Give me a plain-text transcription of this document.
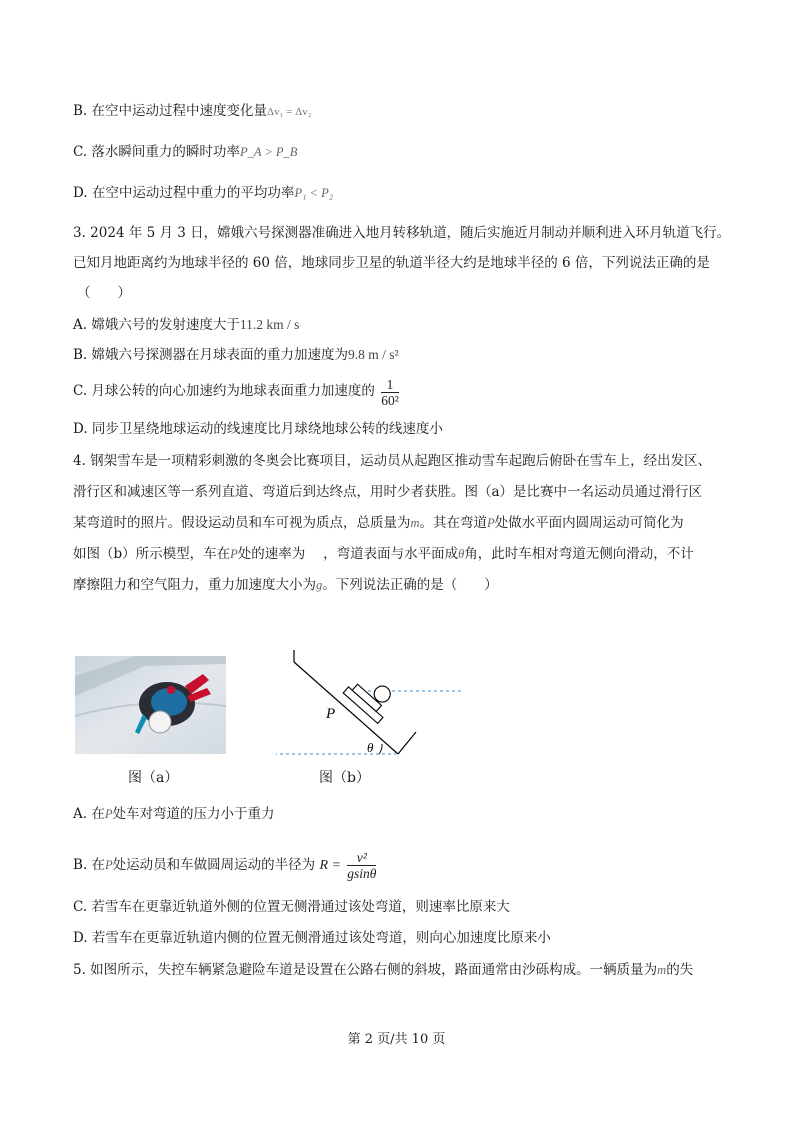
B. 在空中运动过程中速度变化量Δv₁ = Δv₂
C. 落水瞬间重力的瞬时功率P_A > P_B
D. 在空中运动过程中重力的平均功率P₁ < P₂
3. 2024 年 5 月 3 日，嫦娥六号探测器准确进入地月转移轨道，随后实施近月制动并顺利进入环月轨道飞行。
已知月地距离约为地球半径的 60 倍，地球同步卫星的轨道半径大约是地球半径的 6 倍，下列说法正确的是
（　　）
A. 嫦娥六号的发射速度大于11.2 km / s
B. 嫦娥六号探测器在月球表面的重力加速度为9.8 m / s²
C. 月球公转的向心加速约为地球表面重力加速度的 $\frac{1}{\text{60²}}$
D. 同步卫星绕地球运动的线速度比月球绕地球公转的线速度小
4. 钢架雪车是一项精彩刺激的冬奥会比赛项目，运动员从起跑区推动雪车起跑后俯卧在雪车上，经出发区、
滑行区和减速区等一系列直道、弯道后到达终点，用时少者获胜。图（a）是比赛中一名运动员通过滑行区
某弯道时的照片。假设运动员和车可视为质点，总质量为m。其在弯道P处做水平面内圆周运动可简化为
如图（b）所示模型，车在P处的速率为 　，弯道表面与水平面成θ角，此时车相对弯道无侧向滑动，不计
摩擦阻力和空气阻力，重力加速度大小为g。下列说法正确的是（　　）
P
θ
图（a）	图（b）
A. 在P处车对弯道的压力小于重力
B. 在P处运动员和车做圆周运动的半径为 $R = \frac{\text{v²}}{gsin\theta}$
C. 若雪车在更靠近轨道外侧的位置无侧滑通过该处弯道，则速率比原来大
D. 若雪车在更靠近轨道内侧的位置无侧滑通过该处弯道，则向心加速度比原来小
5. 如图所示，失控车辆紧急避险车道是设置在公路右侧的斜坡，路面通常由沙砾构成。一辆质量为m的失
第 2 页/共 10 页
